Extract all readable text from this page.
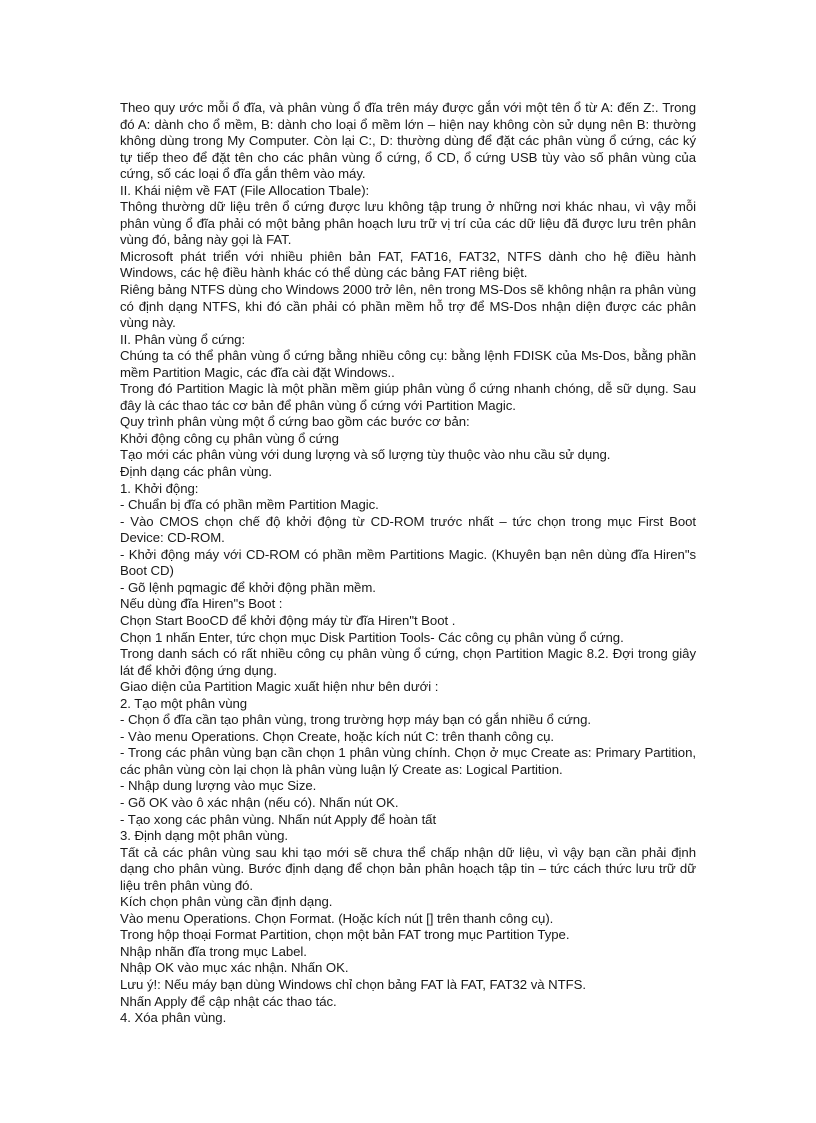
Theo quy ước mỗi ổ đĩa, và phân vùng ổ đĩa trên máy được gắn với một tên ổ từ A: đến Z:. Trong đó A: dành cho ổ mềm, B: dành cho loại ổ mềm lớn – hiện nay không còn sử dụng nên B: thường không dùng trong My Computer. Còn lại C:, D: thường dùng để đặt các phân vùng ổ cứng, các ký tự tiếp theo để đặt tên cho các phân vùng ổ cứng, ổ CD, ổ cứng USB tùy vào số phân vùng của cứng, số các loại ổ đĩa gắn thêm vào máy.

II. Khái niệm về FAT (File Allocation Tbale):

Thông thường dữ liệu trên ổ cứng được lưu không tập trung ở những nơi khác nhau, vì vậy mỗi phân vùng ổ đĩa phải có một bảng phân hoạch lưu trữ vị trí của các dữ liệu đã được lưu trên phân vùng đó, bảng này gọi là FAT.

Microsoft phát triển với nhiều phiên bản FAT, FAT16, FAT32, NTFS dành cho hệ điều hành Windows, các hệ điều hành khác có thể dùng các bảng FAT riêng biệt.

Riêng bảng NTFS dùng cho Windows 2000 trở lên, nên trong MS-Dos sẽ không nhận ra phân vùng có định dạng NTFS, khi đó cần phải có phần mềm hỗ trợ để MS-Dos nhận diện được các phân vùng này.

II. Phân vùng ổ cứng:

Chúng ta có thể phân vùng ổ cứng bằng nhiều công cụ: bằng lệnh FDISK của Ms-Dos, bằng phần mềm Partition Magic, các đĩa cài đặt Windows..

Trong đó Partition Magic là một phần mềm giúp phân vùng ổ cứng nhanh chóng, dễ sữ dụng. Sau đây là các thao tác cơ bản để phân vùng ổ cứng với Partition Magic.

Quy trình phân vùng một ổ cứng bao gồm các bước cơ bản:

Khởi động công cụ phân vùng ổ cứng

Tạo mới các phân vùng với dung lượng và số lượng tùy thuộc vào nhu cầu sử dụng.

Định dạng các phân vùng.

1. Khởi động:

- Chuẩn bị đĩa có phần mềm Partition Magic.

- Vào CMOS chọn chế độ khởi động từ CD-ROM trước nhất – tức chọn trong mục First Boot Device: CD-ROM.

- Khởi động máy với CD-ROM có phần mềm Partitions Magic. (Khuyên bạn nên dùng đĩa Hiren"s Boot CD)

- Gõ lệnh pqmagic để khởi động phần mềm.

Nếu dùng đĩa Hiren"s Boot :

Chọn Start BooCD để khởi động máy từ đĩa Hiren"t Boot .

Chọn 1 nhấn Enter, tức chọn mục Disk Partition Tools- Các công cụ phân vùng ổ cứng.

Trong danh sách có rất nhiều công cụ phân vùng ổ cứng, chọn Partition Magic 8.2. Đợi trong giây lát để khởi động ứng dụng.

Giao diện của Partition Magic xuất hiện như bên dưới :

2. Tạo một phân vùng

- Chọn ổ đĩa cần tạo phân vùng, trong trường hợp máy bạn có gắn nhiều ổ cứng.

- Vào menu Operations. Chọn Create, hoặc kích nút C: trên thanh công cụ.

- Trong các phân vùng bạn cần chọn 1 phân vùng chính. Chọn ở mục Create as: Primary Partition, các phân vùng còn lại chọn là phân vùng luận lý Create as: Logical Partition.

- Nhập dung lượng vào mục Size.

- Gõ OK vào ô xác nhận (nếu có). Nhấn nút OK.

- Tạo xong các phân vùng. Nhấn nút Apply để hoàn tất

3. Định dạng một phân vùng.

Tất cả các phân vùng sau khi tạo mới sẽ chưa thể chấp nhận dữ liệu, vì vậy bạn cần phải định dạng cho phân vùng. Bước định dạng để chọn bản phân hoạch tập tin – tức cách thức lưu trữ dữ liệu trên phân vùng đó.

Kích chọn phân vùng cần định dạng.

Vào menu Operations. Chọn Format. (Hoặc kích nút [] trên thanh công cụ).

Trong hộp thoại Format Partition, chọn một bản FAT trong mục Partition Type.

Nhập nhãn đĩa trong mục Label.

Nhập OK vào mục xác nhận. Nhấn OK.

Lưu ý!: Nếu máy bạn dùng Windows chỉ chọn bảng FAT là FAT, FAT32 và NTFS.

Nhấn Apply để cập nhật các thao tác.

4. Xóa phân vùng.
